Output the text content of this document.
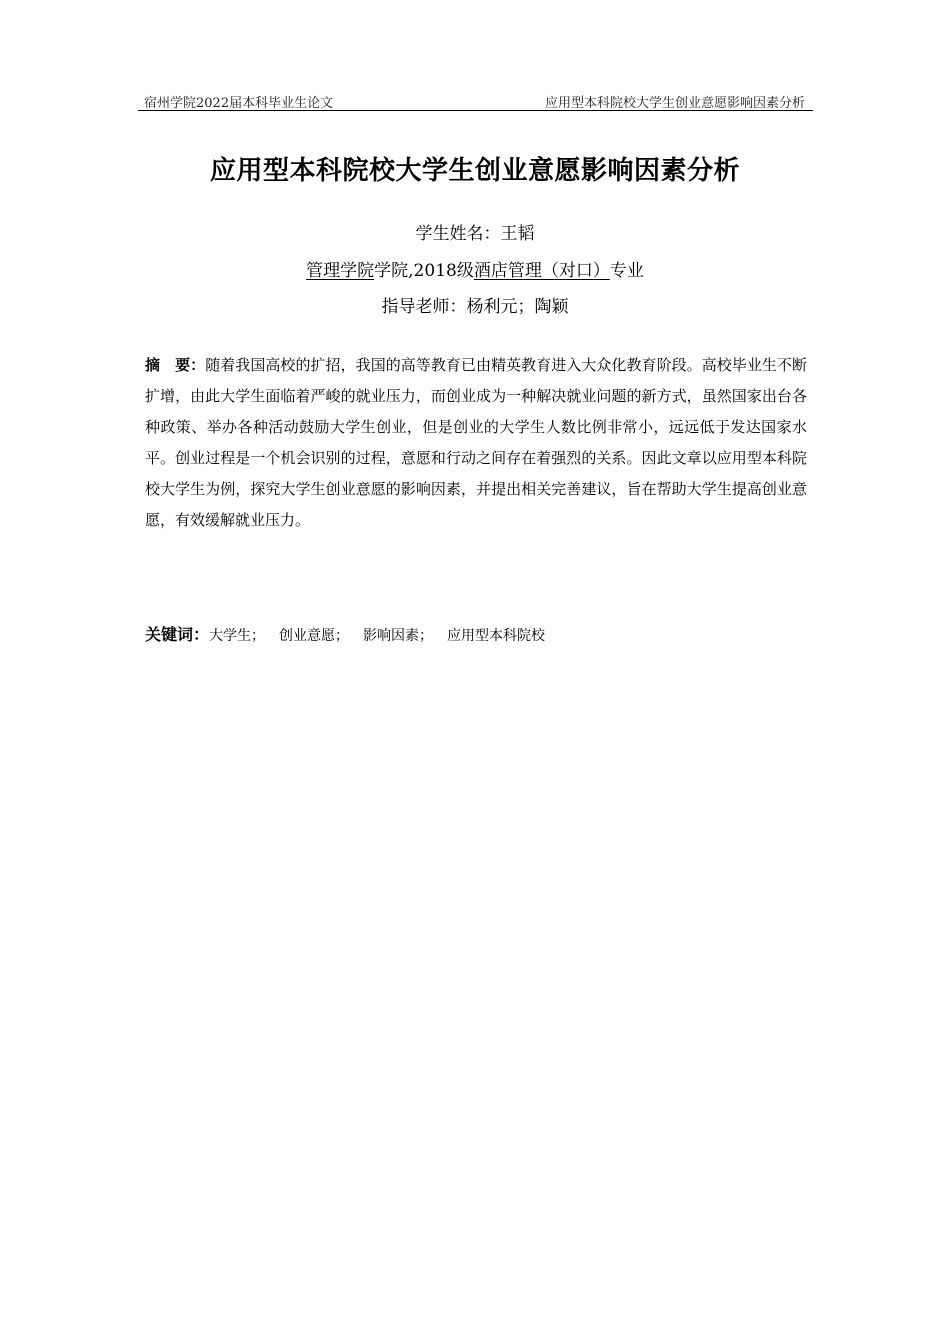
宿州学院2022届本科毕业生论文	应用型本科院校大学生创业意愿影响因素分析
应用型本科院校大学生创业意愿影响因素分析
学生姓名：王韬
管理学院学院,2018级酒店管理（对口）专业
指导老师：杨利元；陶颖
摘　要：随着我国高校的扩招，我国的高等教育已由精英教育进入大众化教育阶段。高校毕业生不断扩增，由此大学生面临着严峻的就业压力，而创业成为一种解决就业问题的新方式，虽然国家出台各种政策、举办各种活动鼓励大学生创业，但是创业的大学生人数比例非常小，远远低于发达国家水平。创业过程是一个机会识别的过程，意愿和行动之间存在着强烈的关系。因此文章以应用型本科院校大学生为例，探究大学生创业意愿的影响因素，并提出相关完善建议，旨在帮助大学生提高创业意愿，有效缓解就业压力。
关键词：大学生； 创业意愿； 影响因素； 应用型本科院校
